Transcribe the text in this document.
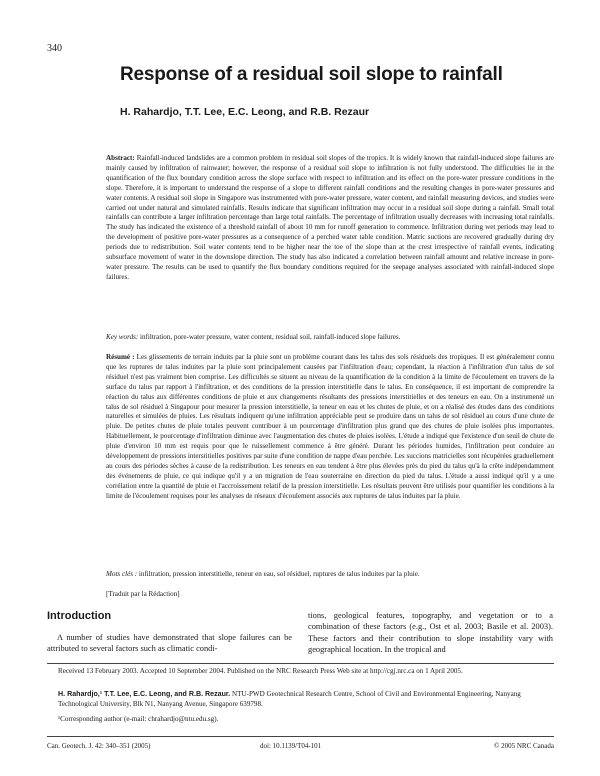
340
Response of a residual soil slope to rainfall
H. Rahardjo, T.T. Lee, E.C. Leong, and R.B. Rezaur
Abstract: Rainfall-induced landslides are a common problem in residual soil slopes of the tropics. It is widely known that rainfall-induced slope failures are mainly caused by infiltration of rainwater; however, the response of a residual soil slope to infiltration is not fully understood. The difficulties lie in the quantification of the flux boundary condition across the slope surface with respect to infiltration and its effect on the pore-water pressure conditions in the slope. Therefore, it is important to understand the response of a slope to different rainfall conditions and the resulting changes in pore-water pressures and water contents. A residual soil slope in Singapore was instrumented with pore-water pressure, water content, and rainfall measuring devices, and studies were carried out under natural and simulated rainfalls. Results indicate that significant infiltration may occur in a residual soil slope during a rainfall. Small total rainfalls can contribute a larger infiltration percentage than large total rainfalls. The percentage of infiltration usually decreases with increasing total rainfalls. The study has indicated the existence of a threshold rainfall of about 10 mm for runoff generation to commence. Infiltration during wet periods may lead to the development of positive pore-water pressures as a consequence of a perched water table condition. Matric suctions are recovered gradually during dry periods due to redistribution. Soil water contents tend to be higher near the toe of the slope than at the crest irrespective of rainfall events, indicating subsurface movement of water in the downslope direction. The study has also indicated a correlation between rainfall amount and relative increase in pore-water pressure. The results can be used to quantify the flux boundary conditions required for the seepage analyses associated with rainfall-induced slope failures.
Key words: infiltration, pore-water pressure, water content, residual soil, rainfall-induced slope failures.
Résumé : Les glissements de terrain induits par la pluie sont un problème courant dans les talus des sols résiduels des tropiques. Il est généralement connu que les ruptures de talus induites par la pluie sont principalement causées par l'infiltration d'eau; cependant, la réaction à l'infiltration d'un talus de sol résiduel n'est pas vraiment bien comprise. Les difficultés se situent au niveau de la quantification de la condition à la limite de l'écoulement en travers de la surface du talus par rapport à l'infiltration, et des conditions de la pression interstitielle dans le talus. En conséquence, il est important de comprendre la réaction du talus aux différentes conditions de pluie et aux changements résultants des pressions interstitielles et des teneurs en eau. On a instrumenté un talus de sol résiduel à Singapour pour mesurer la pression interstitielle, la teneur en eau et les chutes de pluie, et on a réalisé des études dans des conditions naturelles et simulées de pluies. Les résultats indiquent qu'une infiltration appréciable peut se produire dans un talus de sol résiduel au cours d'une chute de pluie. De petites chutes de pluie totales peuvent contribuer à un pourcentage d'infiltration plus grand que des chutes de pluie isolées plus importantes. Habituellement, le pourcentage d'infiltration diminue avec l'augmentation des chutes de pluies isolées. L'étude a indiqué que l'existence d'un seuil de chute de pluie d'environ 10 mm est requis pour que le ruissellement commence à être généré. Durant les périodes humides, l'infiltration peut conduire au développement de pressions interstitielles positives par suite d'une condition de nappe d'eau perchée. Les succions matricielles sont récupérées graduellement au cours des périodes sèches à cause de la redistribution. Les teneurs en eau tendent à être plus élevées près du pied du talus qu'à la crête indépendamment des événements de pluie, ce qui indique qu'il y a un migration de l'eau souterraine en direction du pied du talus. L'étude a aussi indiqué qu'il y a une corrélation entre la quantité de pluie et l'accroissement relatif de la pression interstitielle. Les résultats peuvent être utilisés pour quantifier les conditions à la limite de l'écoulement requises pour les analyses de réseaux d'écoulement associés aux ruptures de talus induites par la pluie.
Mots clés : infiltration, pression interstitielle, teneur en eau, sol résiduel, ruptures de talus induites par la pluie.
[Traduit par la Rédaction]
Introduction
A number of studies have demonstrated that slope failures can be attributed to several factors such as climatic condi-
tions, geological features, topography, and vegetation or to a combination of these factors (e.g., Ost et al. 2003; Basile et al. 2003). These factors and their contribution to slope instability vary with geographical location. In the tropical and
Received 13 February 2003. Accepted 10 September 2004. Published on the NRC Research Press Web site at http://cgj.nrc.ca on 1 April 2005.
H. Rahardjo,¹ T.T. Lee, E.C. Leong, and R.B. Rezaur. NTU-PWD Geotechnical Research Centre, School of Civil and Environmental Engineering, Nanyang Technological University, Blk N1, Nanyang Avenue, Singapore 639798.
¹Corresponding author (e-mail: chrahardjo@ntu.edu.sg).
Can. Geotech. J. 42: 340–351 (2005)	doi: 10.1139/T04-101	© 2005 NRC Canada
